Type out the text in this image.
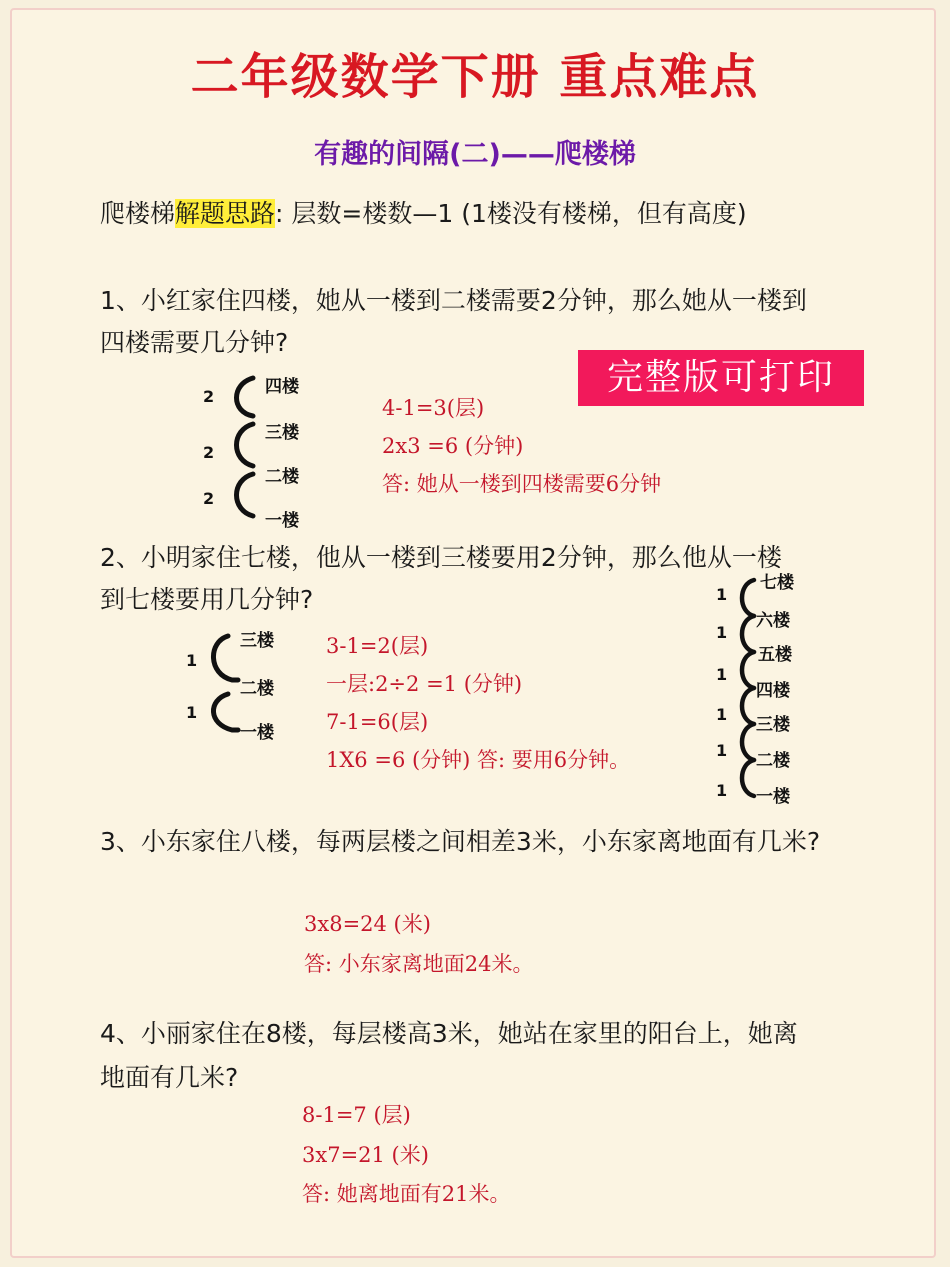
二年级数学下册 重点难点
有趣的间隔(二)——爬楼梯
爬楼梯解题思路: 层数=楼数—1 (1楼没有楼梯，但有高度)
完整版可打印
1、小红家住四楼，她从一楼到二楼需要2分钟，那么她从一楼到
四楼需要几分钟?
2
2
2
四楼
三楼
二楼
一楼
4-1=3(层)
2x3 =6 (分钟)
答: 她从一楼到四楼需要6分钟
2、小明家住七楼，他从一楼到三楼要用2分钟，那么他从一楼
到七楼要用几分钟?
1
1
三楼
二楼
一楼
3-1=2(层)
一层:2÷2 =1 (分钟)
7-1=6(层)
1X6 =6 (分钟) 答: 要用6分钟。
1
1
1
1
1
1
七楼
六楼
五楼
四楼
三楼
二楼
一楼
3、小东家住八楼，每两层楼之间相差3米，小东家离地面有几米?
3x8=24 (米)
答: 小东家离地面24米。
4、小丽家住在8楼，每层楼高3米，她站在家里的阳台上，她离
地面有几米?
8-1=7 (层)
3x7=21 (米)
答: 她离地面有21米。
